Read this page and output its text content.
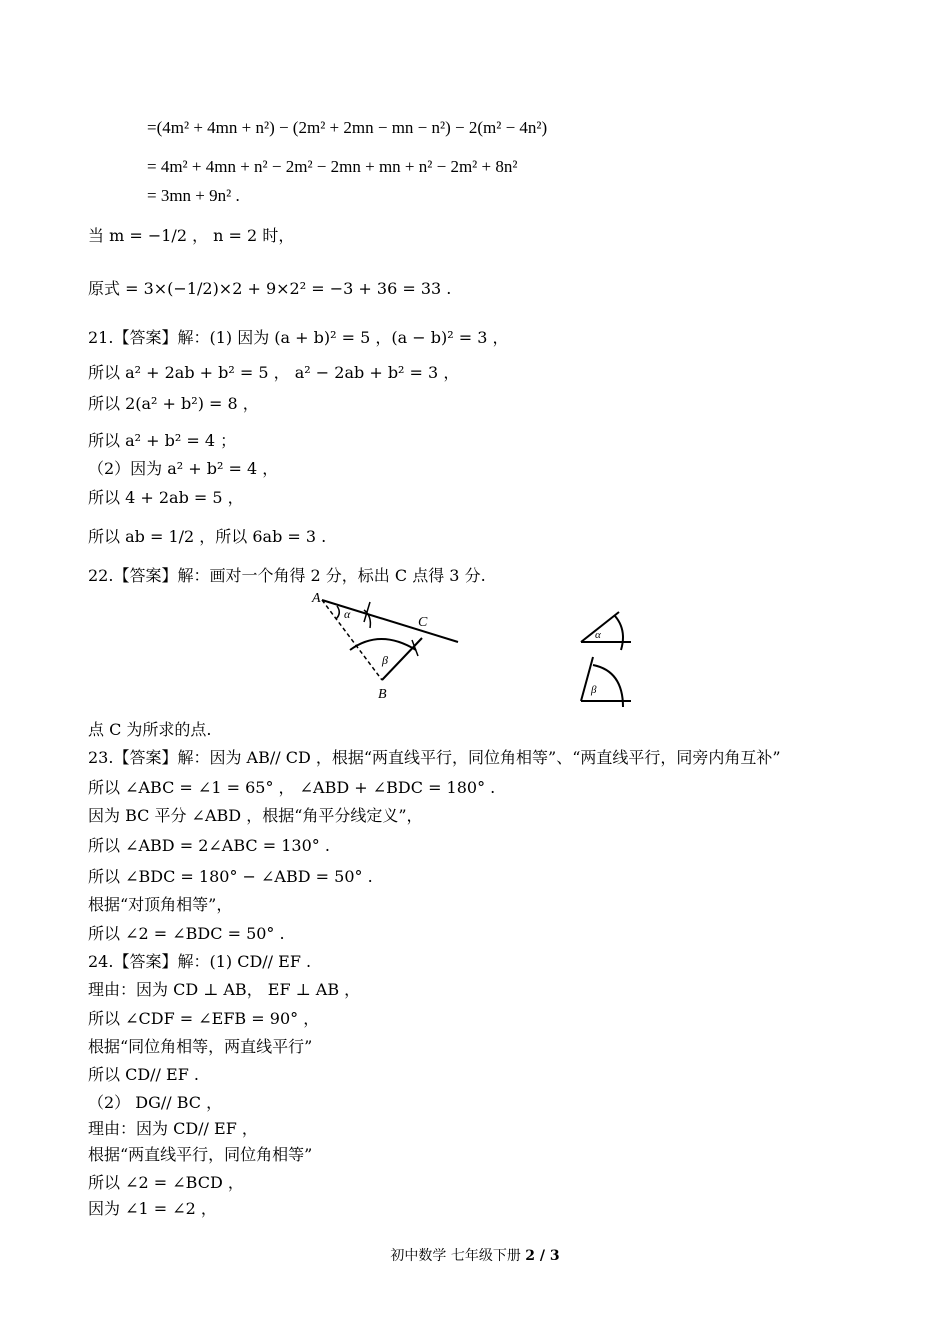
=(4m² + 4mn + n²) − (2m² + 2mn − mn − n²) − 2(m² − 4n²)
= 4m² + 4mn + n² − 2m² − 2mn + mn + n² − 2m² + 8n²
= 3mn + 9n² .
当 m = −1/2 ， n = 2 时，
原式 = 3×(−1/2)×2 + 9×2² = −3 + 36 = 33 .
21.【答案】解：(1) 因为 (a + b)² = 5 ，(a − b)² = 3 ，
所以 a² + 2ab + b² = 5 ， a² − 2ab + b² = 3 ，
所以 2(a² + b²) = 8 ，
所以 a² + b² = 4 ；
（2）因为 a² + b² = 4 ，
所以 4 + 2ab = 5 ，
所以 ab = 1/2 ，所以 6ab = 3 .
22.【答案】解：画对一个角得 2 分，标出 C 点得 3 分.
A
α
C
β
B
α
β
点 C 为所求的点.
23.【答案】解：因为 AB// CD ，根据“两直线平行，同位角相等”、“两直线平行，同旁内角互补”
所以 ∠ABC = ∠1 = 65° ， ∠ABD + ∠BDC = 180° .
因为 BC 平分 ∠ABD ，根据“角平分线定义”，
所以 ∠ABD = 2∠ABC = 130° .
所以 ∠BDC = 180° − ∠ABD = 50° .
根据“对顶角相等”，
所以 ∠2 = ∠BDC = 50° .
24.【答案】解：(1) CD// EF .
理由：因为 CD ⊥ AB， EF ⊥ AB ，
所以 ∠CDF = ∠EFB = 90° ，
根据“同位角相等，两直线平行”
所以 CD// EF .
（2） DG// BC ，
理由：因为 CD// EF ，
根据“两直线平行，同位角相等”
所以 ∠2 = ∠BCD ，
因为 ∠1 = ∠2 ，
初中数学 七年级下册 2 / 3
